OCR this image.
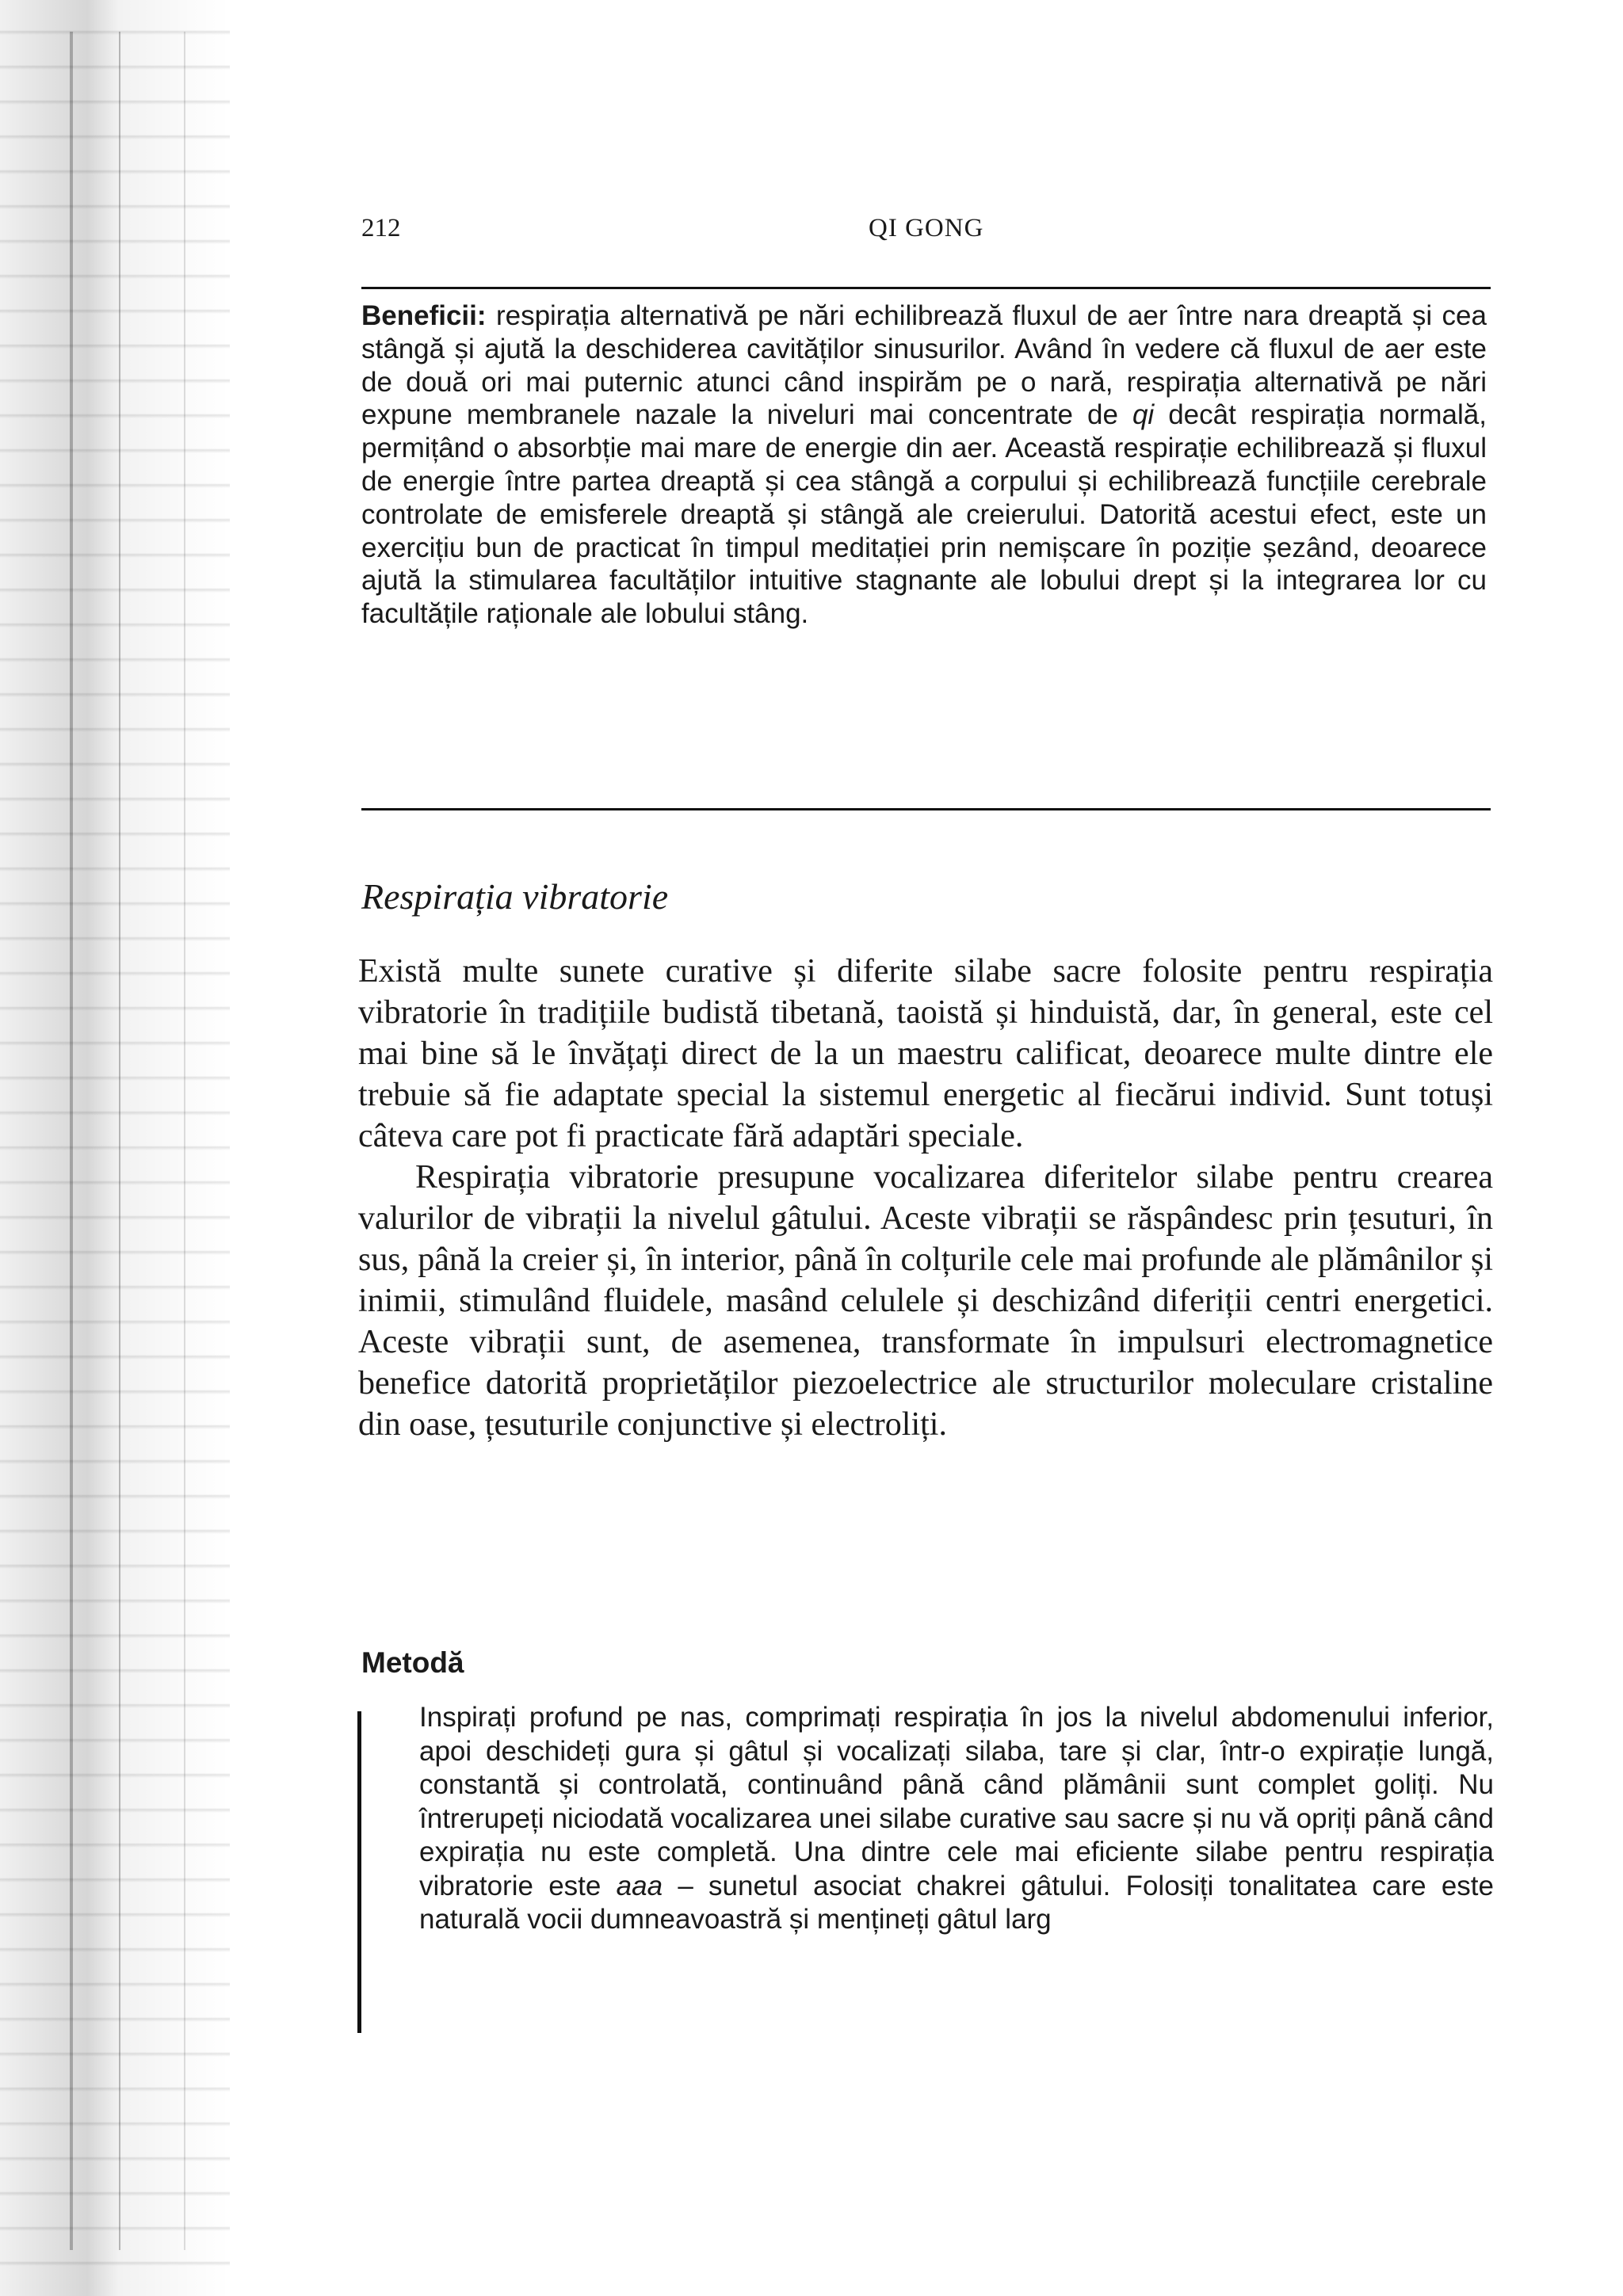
212	QI GONG
Beneficii: respirația alternativă pe nări echilibrează fluxul de aer între nara dreaptă și cea stângă și ajută la deschiderea cavităților sinusurilor. Având în vedere că fluxul de aer este de două ori mai puternic atunci când inspirăm pe o nară, respirația alternativă pe nări expune membranele nazale la niveluri mai concentrate de qi decât respirația normală, permițând o absorbție mai mare de energie din aer. Această respirație echilibrează și fluxul de energie între partea dreaptă și cea stângă a corpului și echilibrează funcțiile cerebrale controlate de emisferele dreaptă și stângă ale creierului. Datorită acestui efect, este un exercițiu bun de practicat în timpul meditației prin nemișcare în poziție șezând, deoarece ajută la stimularea facultăților intuitive stagnante ale lobului drept și la integrarea lor cu facultățile raționale ale lobului stâng.
Respirația vibratorie

Există multe sunete curative și diferite silabe sacre folosite pentru respirația vibratorie în tradițiile budistă tibetană, taoistă și hinduistă, dar, în general, este cel mai bine să le învățați direct de la un maestru calificat, deoarece multe dintre ele trebuie să fie adaptate special la sistemul energetic al fiecărui individ. Sunt totuși câteva care pot fi practicate fără adaptări speciale.

Respirația vibratorie presupune vocalizarea diferitelor silabe pentru crearea valurilor de vibrații la nivelul gâtului. Aceste vibrații se răspândesc prin țesuturi, în sus, până la creier și, în interior, până în colțurile cele mai profunde ale plămânilor și inimii, stimulând fluidele, masând celulele și deschizând diferiții centri energetici. Aceste vibrații sunt, de asemenea, transformate în impulsuri electromagnetice benefice datorită proprietăților piezoelectrice ale structurilor moleculare cristaline din oase, țesuturile conjunctive și electroliți.

Metodă
Inspirați profund pe nas, comprimați respirația în jos la nivelul abdomenului inferior, apoi deschideți gura și gâtul și vocalizați silaba, tare și clar, într-o expirație lungă, constantă și controlată, continuând până când plămânii sunt complet goliți. Nu întrerupeți niciodată vocalizarea unei silabe curative sau sacre și nu vă opriți până când expirația nu este completă. Una dintre cele mai eficiente silabe pentru respirația vibratorie este aaa – sunetul asociat chakrei gâtului. Folosiți tonalitatea care este naturală vocii dumneavoastră și mențineți gâtul larg
